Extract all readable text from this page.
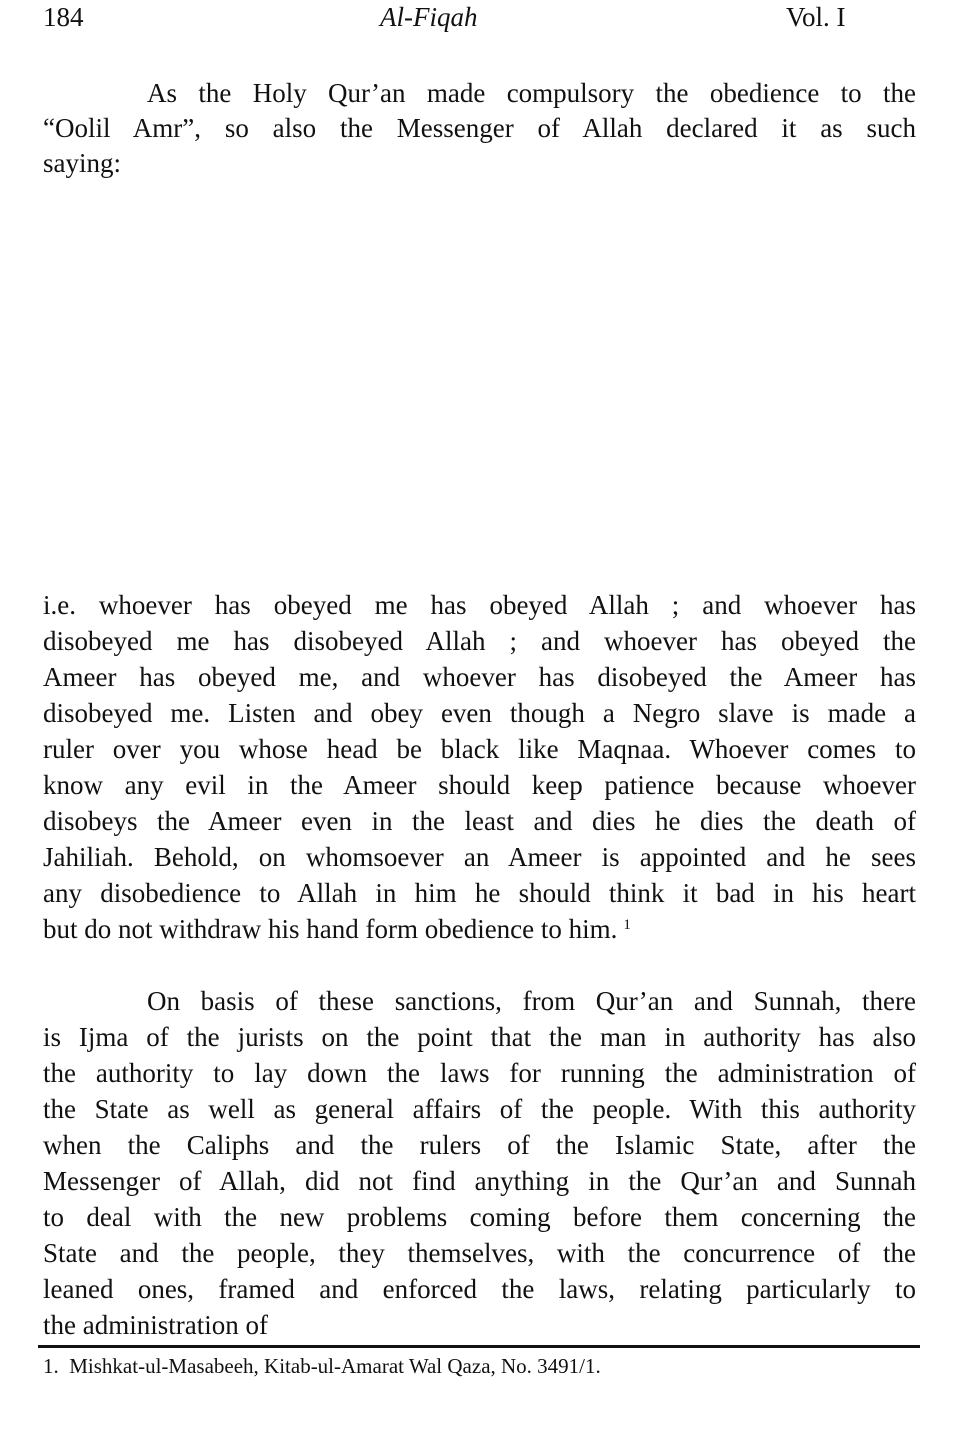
184	Al-Fiqah	Vol. I
As the Holy Qur’an made compulsory the obedience to the
“Oolil Amr”, so also the Messenger of Allah declared it as such
saying:
i.e. whoever has obeyed me has obeyed Allah ; and whoever has
disobeyed me has disobeyed Allah ; and whoever has obeyed the
Ameer has obeyed me, and whoever has disobeyed the Ameer has
disobeyed me. Listen and obey even though a Negro slave is made a
ruler over you whose head be black like Maqnaa. Whoever comes to
know any evil in the Ameer should keep patience because whoever
disobeys the Ameer even in the least and dies he dies the death of
Jahiliah. Behold, on whomsoever an Ameer is appointed and he sees
any disobedience to Allah in him he should think it bad in his heart
but do not withdraw his hand form obedience to him. $^1$
On basis of these sanctions, from Qur’an and Sunnah, there
is Ijma of the jurists on the point that the man in authority has also
the authority to lay down the laws for running the administration of
the State as well as general affairs of the people. With this authority
when the Caliphs and the rulers of the Islamic State, after the
Messenger of Allah, did not find anything in the Qur’an and Sunnah
to deal with the new problems coming before them concerning the
State and the people, they themselves, with the concurrence of the
leaned ones, framed and enforced the laws, relating particularly to
the administration of
1. Mishkat-ul-Masabeeh, Kitab-ul-Amarat Wal Qaza, No. 3491/1.
